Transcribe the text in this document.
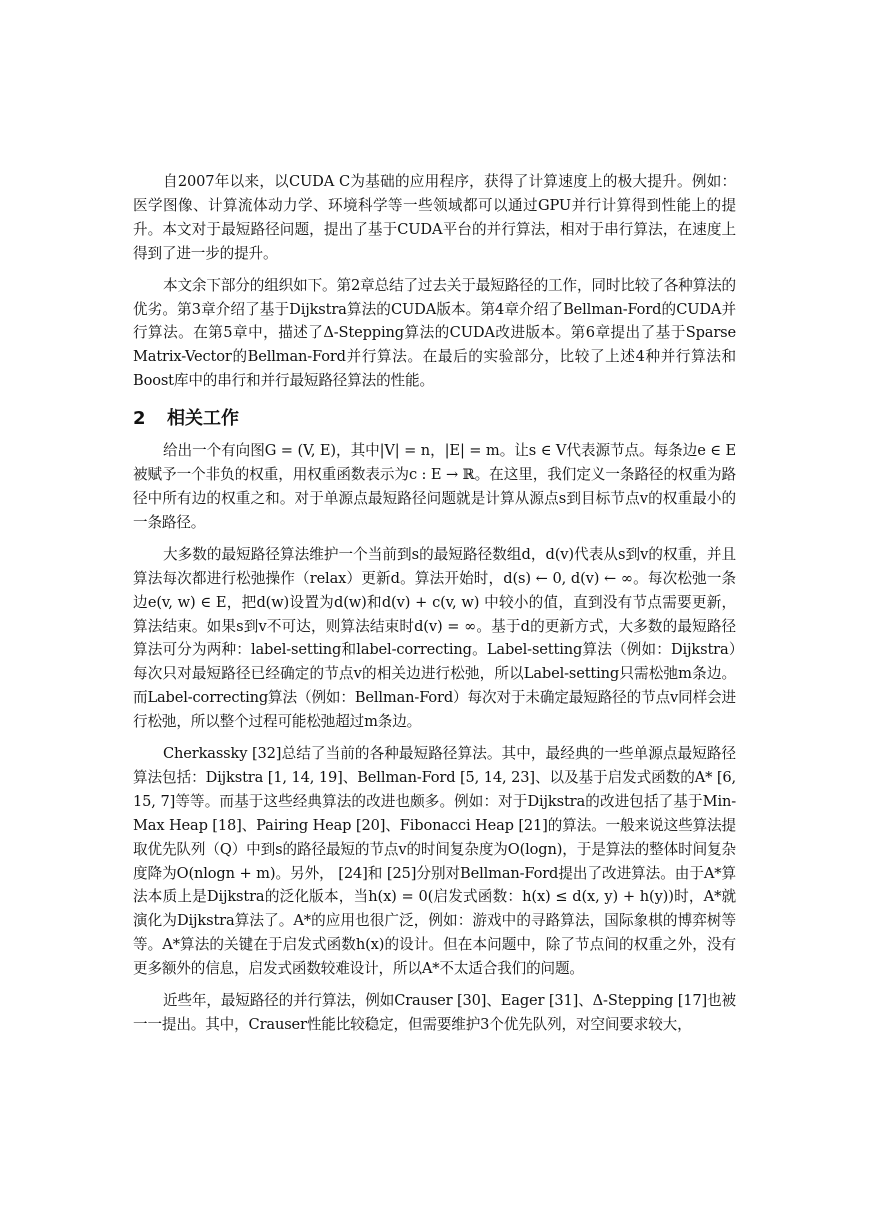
自2007年以来，以CUDA C为基础的应用程序，获得了计算速度上的极大提升。例如：医学图像、计算流体动力学、环境科学等一些领域都可以通过GPU并行计算得到性能上的提升。本文对于最短路径问题，提出了基于CUDA平台的并行算法，相对于串行算法，在速度上得到了进一步的提升。

本文余下部分的组织如下。第2章总结了过去关于最短路径的工作，同时比较了各种算法的优劣。第3章介绍了基于Dijkstra算法的CUDA版本。第4章介绍了Bellman-Ford的CUDA并行算法。在第5章中，描述了Δ-Stepping算法的CUDA改进版本。第6章提出了基于Sparse Matrix-Vector的Bellman-Ford并行算法。在最后的实验部分，比较了上述4种并行算法和Boost库中的串行和并行最短路径算法的性能。

2 相关工作

给出一个有向图G = (V, E)，其中|V| = n，|E| = m。让s ∈ V代表源节点。每条边e ∈ E被赋予一个非负的权重，用权重函数表示为c : E → ℝ。在这里，我们定义一条路径的权重为路径中所有边的权重之和。对于单源点最短路径问题就是计算从源点s到目标节点v的权重最小的一条路径。

大多数的最短路径算法维护一个当前到s的最短路径数组d，d(v)代表从s到v的权重，并且算法每次都进行松弛操作（relax）更新d。算法开始时，d(s) ← 0, d(v) ← ∞。每次松弛一条边e(v, w) ∈ E，把d(w)设置为d(w)和d(v) + c(v, w) 中较小的值，直到没有节点需要更新，算法结束。如果s到v不可达，则算法结束时d(v) = ∞。基于d的更新方式，大多数的最短路径算法可分为两种：label-setting和label-correcting。Label-setting算法（例如：Dijkstra）每次只对最短路径已经确定的节点v的相关边进行松弛，所以Label-setting只需松弛m条边。而Label-correcting算法（例如：Bellman-Ford）每次对于未确定最短路径的节点v同样会进行松弛，所以整个过程可能松弛超过m条边。

Cherkassky [32]总结了当前的各种最短路径算法。其中，最经典的一些单源点最短路径算法包括：Dijkstra [1, 14, 19]、Bellman-Ford [5, 14, 23]、以及基于启发式函数的A* [6, 15, 7]等等。而基于这些经典算法的改进也颇多。例如：对于Dijkstra的改进包括了基于Min-Max Heap [18]、Pairing Heap [20]、Fibonacci Heap [21]的算法。一般来说这些算法提取优先队列（Q）中到s的路径最短的节点v的时间复杂度为O(logn)，于是算法的整体时间复杂度降为O(nlogn + m)。另外， [24]和 [25]分别对Bellman-Ford提出了改进算法。由于A*算法本质上是Dijkstra的泛化版本，当h(x) = 0(启发式函数：h(x) ≤ d(x, y) + h(y))时，A*就演化为Dijkstra算法了。A*的应用也很广泛，例如：游戏中的寻路算法，国际象棋的博弈树等等。A*算法的关键在于启发式函数h(x)的设计。但在本问题中，除了节点间的权重之外，没有更多额外的信息，启发式函数较难设计，所以A*不太适合我们的问题。

近些年，最短路径的并行算法，例如Crauser [30]、Eager [31]、Δ-Stepping [17]也被一一提出。其中，Crauser性能比较稳定，但需要维护3个优先队列，对空间要求较大，
